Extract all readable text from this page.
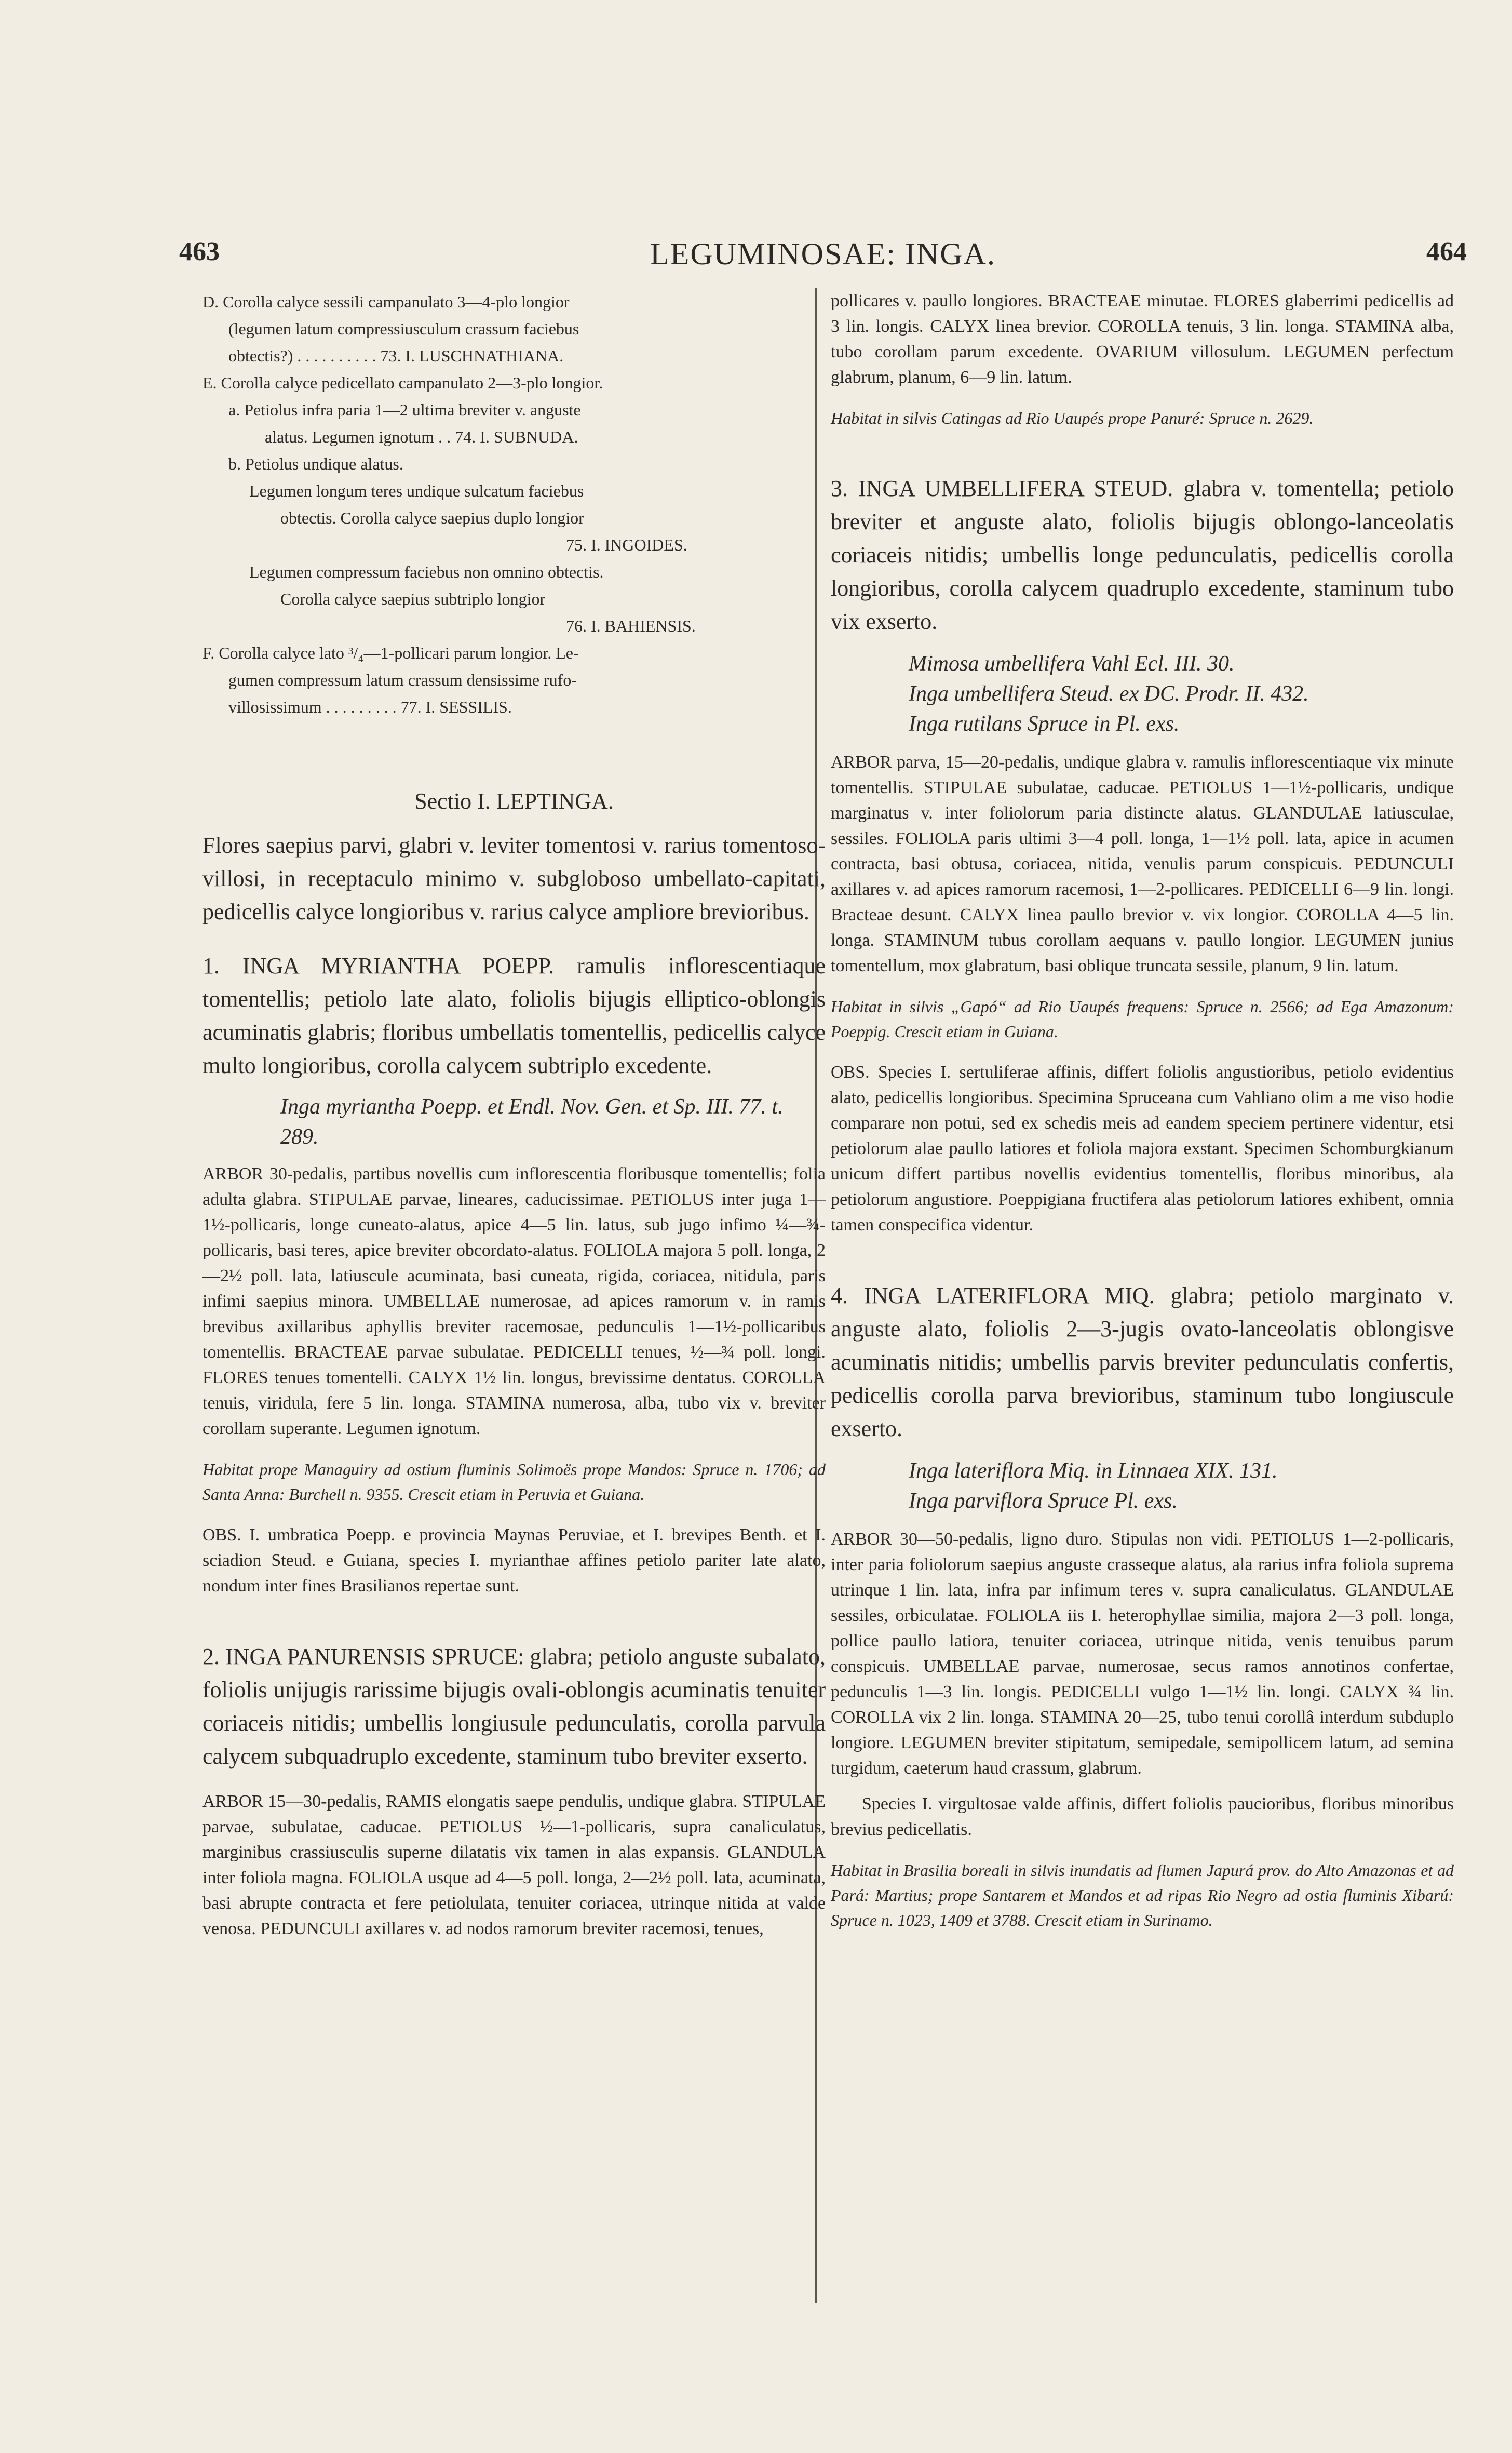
463	LEGUMINOSAE: INGA.	464
D. Corolla calyce sessili campanulato 3—4-plo longior
(legumen latum compressiusculum crassum faciebus
obtectis?) . . . . . . . . . . 73. I. LUSCHNATHIANA.
E. Corolla calyce pedicellato campanulato 2—3-plo longior.
a. Petiolus infra paria 1—2 ultima breviter v. anguste
alatus. Legumen ignotum . . 74. I. SUBNUDA.
b. Petiolus undique alatus.
Legumen longum teres undique sulcatum faciebus
obtectis. Corolla calyce saepius duplo longior
75. I. INGOIDES.
Legumen compressum faciebus non omnino obtectis.
Corolla calyce saepius subtriplo longior
76. I. BAHIENSIS.
F. Corolla calyce lato ³/₄—1-pollicari parum longior. Le-
gumen compressum latum crassum densissime rufo-
villosissimum . . . . . . . . . 77. I. SESSILIS.
Sectio I. LEPTINGA.

Flores saepius parvi, glabri v. leviter tomentosi v. rarius tomentoso-villosi, in receptaculo minimo v. subgloboso umbellato-capitati, pedicellis calyce longioribus v. rarius calyce ampliore brevioribus.

1. INGA MYRIANTHA POEPP. ramulis inflorescentiaque tomentellis; petiolo late alato, foliolis bijugis elliptico-oblongis acuminatis glabris; floribus umbellatis tomentellis, pedicellis calyce multo longioribus, corolla calycem subtriplo excedente.

Inga myriantha Poepp. et Endl. Nov. Gen. et Sp. III. 77. t. 289.

ARBOR 30-pedalis, partibus novellis cum inflorescentia floribusque tomentellis; folia adulta glabra. STIPULAE parvae, lineares, caducissimae. PETIOLUS inter juga 1—1½-pollicaris, longe cuneato-alatus, apice 4—5 lin. latus, sub jugo infimo ¼—¾-pollicaris, basi teres, apice breviter obcordato-alatus. FOLIOLA majora 5 poll. longa, 2—2½ poll. lata, latiuscule acuminata, basi cuneata, rigida, coriacea, nitidula, paris infimi saepius minora. UMBELLAE numerosae, ad apices ramorum v. in ramis brevibus axillaribus aphyllis breviter racemosae, pedunculis 1—1½-pollicaribus tomentellis. BRACTEAE parvae subulatae. PEDICELLI tenues, ½—¾ poll. longi. FLORES tenues tomentelli. CALYX 1½ lin. longus, brevissime dentatus. COROLLA tenuis, viridula, fere 5 lin. longa. STAMINA numerosa, alba, tubo vix v. breviter corollam superante. Legumen ignotum.

Habitat prope Managuiry ad ostium fluminis Solimoës prope Mandos: Spruce n. 1706; ad Santa Anna: Burchell n. 9355. Crescit etiam in Peruvia et Guiana.

OBS. I. umbratica Poepp. e provincia Maynas Peruviae, et I. brevipes Benth. et I. sciadion Steud. e Guiana, species I. myrianthae affines petiolo pariter late alato, nondum inter fines Brasilianos repertae sunt.

2. INGA PANURENSIS SPRUCE: glabra; petiolo anguste subalato, foliolis unijugis rarissime bijugis ovali-oblongis acuminatis tenuiter coriaceis nitidis; umbellis longiusule pedunculatis, corolla parvula calycem subquadruplo excedente, staminum tubo breviter exserto.

ARBOR 15—30-pedalis, RAMIS elongatis saepe pendulis, undique glabra. STIPULAE parvae, subulatae, caducae. PETIOLUS ½—1-pollicaris, supra canaliculatus, marginibus crassiusculis superne dilatatis vix tamen in alas expansis. GLANDULA inter foliola magna. FOLIOLA usque ad 4—5 poll. longa, 2—2½ poll. lata, acuminata, basi abrupte contracta et fere petiolulata, tenuiter coriacea, utrinque nitida at valde venosa. PEDUNCULI axillares v. ad nodos ramorum breviter racemosi, tenues,

pollicares v. paullo longiores. BRACTEAE minutae. FLORES glaberrimi pedicellis ad 3 lin. longis. CALYX linea brevior. COROLLA tenuis, 3 lin. longa. STAMINA alba, tubo corollam parum excedente. OVARIUM villosulum. LEGUMEN perfectum glabrum, planum, 6—9 lin. latum.

Habitat in silvis Catingas ad Rio Uaupés prope Panuré: Spruce n. 2629.

3. INGA UMBELLIFERA STEUD. glabra v. tomentella; petiolo breviter et anguste alato, foliolis bijugis oblongo-lanceolatis coriaceis nitidis; umbellis longe pedunculatis, pedicellis corolla longioribus, corolla calycem quadruplo excedente, staminum tubo vix exserto.

Mimosa umbellifera Vahl Ecl. III. 30.

Inga umbellifera Steud. ex DC. Prodr. II. 432.

Inga rutilans Spruce in Pl. exs.

ARBOR parva, 15—20-pedalis, undique glabra v. ramulis inflorescentiaque vix minute tomentellis. STIPULAE subulatae, caducae. PETIOLUS 1—1½-pollicaris, undique marginatus v. inter foliolorum paria distincte alatus. GLANDULAE latiusculae, sessiles. FOLIOLA paris ultimi 3—4 poll. longa, 1—1½ poll. lata, apice in acumen contracta, basi obtusa, coriacea, nitida, venulis parum conspicuis. PEDUNCULI axillares v. ad apices ramorum racemosi, 1—2-pollicares. PEDICELLI 6—9 lin. longi. Bracteae desunt. CALYX linea paullo brevior v. vix longior. COROLLA 4—5 lin. longa. STAMINUM tubus corollam aequans v. paullo longior. LEGUMEN junius tomentellum, mox glabratum, basi oblique truncata sessile, planum, 9 lin. latum.

Habitat in silvis „Gapó“ ad Rio Uaupés frequens: Spruce n. 2566; ad Ega Amazonum: Poeppig. Crescit etiam in Guiana.

OBS. Species I. sertuliferae affinis, differt foliolis angustioribus, petiolo evidentius alato, pedicellis longioribus. Specimina Spruceana cum Vahliano olim a me viso hodie comparare non potui, sed ex schedis meis ad eandem speciem pertinere videntur, etsi petiolorum alae paullo latiores et foliola majora exstant. Specimen Schomburgkianum unicum differt partibus novellis evidentius tomentellis, floribus minoribus, ala petiolorum angustiore. Poeppigiana fructifera alas petiolorum latiores exhibent, omnia tamen conspecifica videntur.

4. INGA LATERIFLORA MIQ. glabra; petiolo marginato v. anguste alato, foliolis 2—3-jugis ovato-lanceolatis oblongisve acuminatis nitidis; umbellis parvis breviter pedunculatis confertis, pedicellis corolla parva brevioribus, staminum tubo longiuscule exserto.

Inga lateriflora Miq. in Linnaea XIX. 131.

Inga parviflora Spruce Pl. exs.

ARBOR 30—50-pedalis, ligno duro. Stipulas non vidi. PETIOLUS 1—2-pollicaris, inter paria foliolorum saepius anguste crasseque alatus, ala rarius infra foliola suprema utrinque 1 lin. lata, infra par infimum teres v. supra canaliculatus. GLANDULAE sessiles, orbiculatae. FOLIOLA iis I. heterophyllae similia, majora 2—3 poll. longa, pollice paullo latiora, tenuiter coriacea, utrinque nitida, venis tenuibus parum conspicuis. UMBELLAE parvae, numerosae, secus ramos annotinos confertae, pedunculis 1—3 lin. longis. PEDICELLI vulgo 1—1½ lin. longi. CALYX ¾ lin. COROLLA vix 2 lin. longa. STAMINA 20—25, tubo tenui corollâ interdum subduplo longiore. LEGUMEN breviter stipitatum, semipedale, semipollicem latum, ad semina turgidum, caeterum haud crassum, glabrum.

Species I. virgultosae valde affinis, differt foliolis paucioribus, floribus minoribus brevius pedicellatis.

Habitat in Brasilia boreali in silvis inundatis ad flumen Japurá prov. do Alto Amazonas et ad Pará: Martius; prope Santarem et Mandos et ad ripas Rio Negro ad ostia fluminis Xibarú: Spruce n. 1023, 1409 et 3788. Crescit etiam in Surinamo.
